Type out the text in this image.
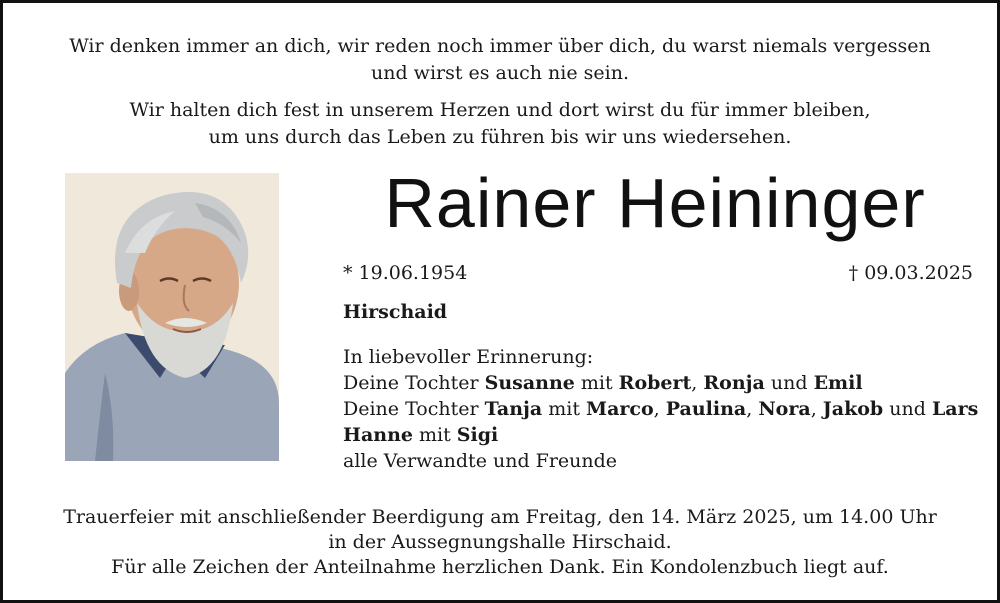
Wir denken immer an dich, wir reden noch immer über dich, du warst niemals vergessen
und wirst es auch nie sein.
Wir halten dich fest in unserem Herzen und dort wirst du für immer bleiben,
um uns durch das Leben zu führen bis wir uns wiedersehen.
Rainer Heininger
* 19.06.1954	† 09.03.2025
Hirschaid
In liebevoller Erinnerung:
Deine Tochter Susanne mit Robert, Ronja und Emil
Deine Tochter Tanja mit Marco, Paulina, Nora, Jakob und Lars
Hanne mit Sigi
alle Verwandte und Freunde
Trauerfeier mit anschließender Beerdigung am Freitag, den 14. März 2025, um 14.00 Uhr
in der Aussegnungshalle Hirschaid.
Für alle Zeichen der Anteilnahme herzlichen Dank. Ein Kondolenzbuch liegt auf.
